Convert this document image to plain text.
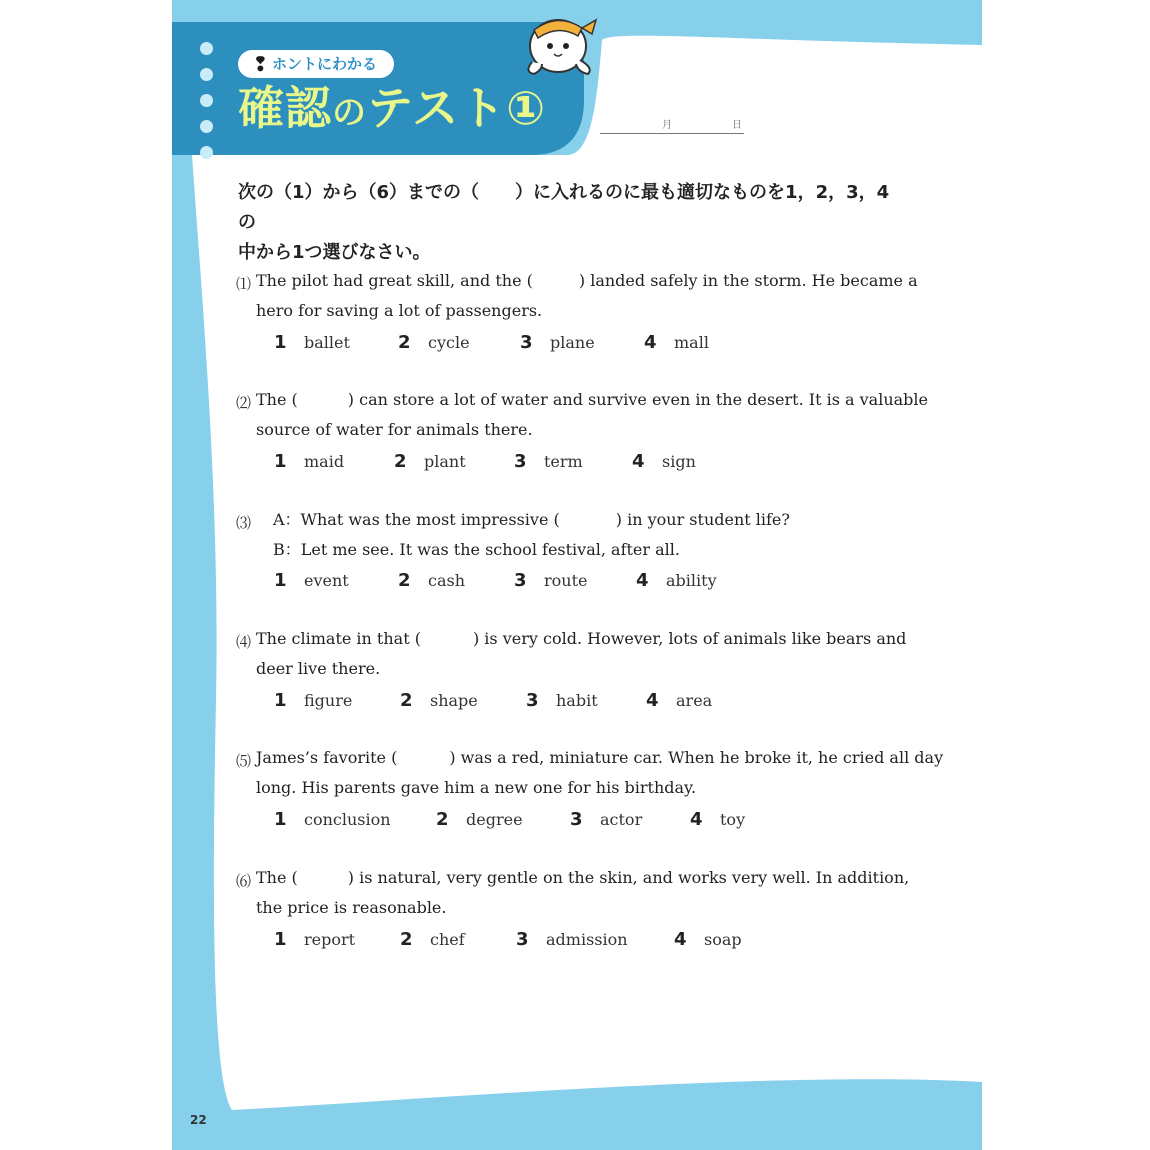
❢ ホントにわかる
確認のテスト①	月	日
次の（1）から（6）までの（　　）に入れるのに最も適切なものを1，2，3，4の
中から1つ選びなさい。
⑴ The pilot had great skill, and the (	) landed safely in the storm. He became a
hero for saving a lot of passengers.
1 ballet	2 cycle	3 plane	4 mall
⑵ The (	) can store a lot of water and survive even in the desert. It is a valuable
source of water for animals there.
1 maid	2 plant	3 term	4 sign
⑶	A：What was the most impressive (	) in your student life?
B：Let me see. It was the school festival, after all.
1 event	2 cash	3 route	4 ability
⑷ The climate in that (	) is very cold. However, lots of animals like bears and
deer live there.
1 figure	2 shape	3 habit	4 area
⑸ James’s favorite (	) was a red, miniature car. When he broke it, he cried all day
long. His parents gave him a new one for his birthday.
1 conclusion	2 degree	3 actor	4 toy
⑹ The (	) is natural, very gentle on the skin, and works very well. In addition,
the price is reasonable.
1 report 2 chef	3 admission	4 soap
22
